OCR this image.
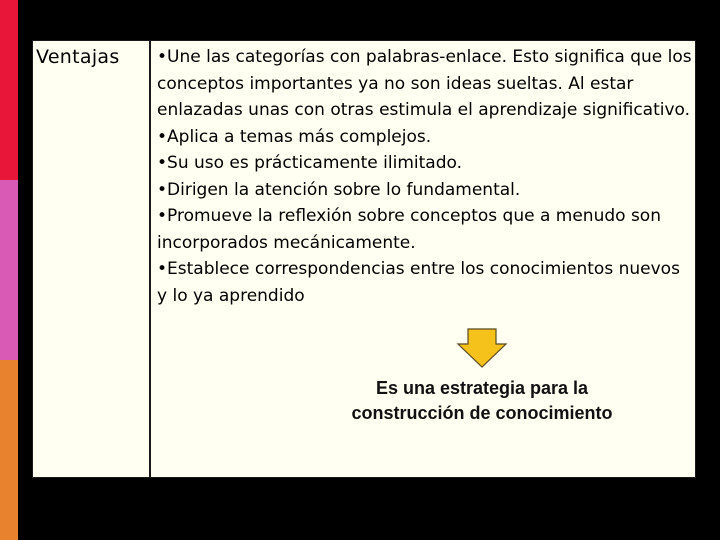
Ventajas •Une las categorías con palabras-enlace. Esto significa que los conceptos importantes ya no son ideas sueltas. Al estar enlazadas unas con otras estimula el aprendizaje significativo.

•Aplica a temas más complejos.

•Su uso es prácticamente ilimitado.

•Dirigen la atención sobre lo fundamental.

•Promueve la reflexión sobre conceptos que a menudo son incorporados mecánicamente.

•Establece correspondencias entre los conocimientos nuevos y lo ya aprendido

Es una estrategia para la
construcción de conocimiento
